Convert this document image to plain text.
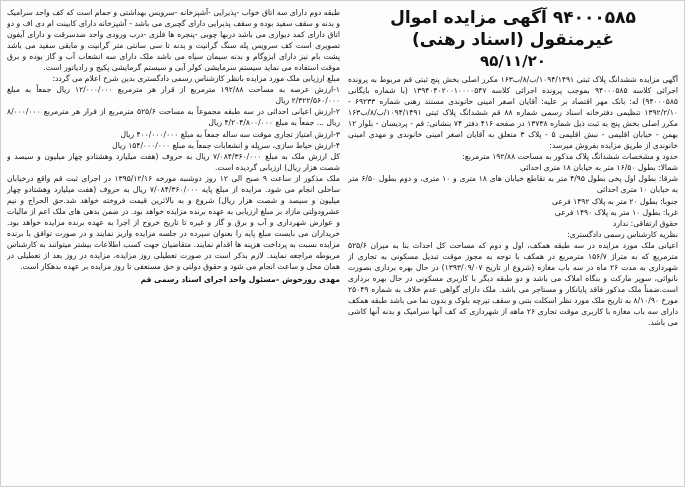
۹۴۰۰۰۵۸۵ آگهی مزایده اموال غیرمنقول (اسناد رهنی)
۹۵/۱۱/۲۰

آگهی مزایده ششدانگ پلاک ثبتی ۱۰۹۴/۱۴۹۱/ب/۸/ب۱۶۳ مکرر اصلی بخش پنج ثبتی قم مربوط به پرونده اجرائی کلاسه ۹۴۰۰۰۵۸۵ بموجب پرونده اجرائی کلاسه ۱۳۹۴۰۴۰۲۰۰۱۰۰۰۰۵۴۷ (با شماره بایگانی ۹۴۰۰۰۵۸۵) له: بانک مهر اقتصاد بر علیه: آقایان اصغر امینی خانوندی مستند رهنی شماره ۶۹۲۳۳ - ۱۳۹۲/۲/۱۰ تنظیمی دفترخانه اسناد رسمی شماره ۸۸ قم ششدانگ پلاک ثبتی ۱۰۹۴/۱۴۹۱/ب/۸/ب۱۶۳ مکرر اصلی بخش پنج به ثبت ذیل شماره ۱۳۷۳۸ در صفحه ۴۱۶ دفتر ۷۴ بنشانی: قم - پردیسان - بلوار ۱۲ بهمن - خیابان اقلیمی - نبش اقلیمی ۵ - پلاک ۳ متعلق به آقایان اصغر امینی خانوندی و مهدی امینی خانوندی از طریق مزایده بفروش میرسد:

حدود و مشخصات ششدانگ پلاک مذکور به مساحت ۱۹۲/۸۸ مترمربع:

شمالا: بطول ۱۶/۵۰ متر به خیابان ۱۸ متری احداثی

شرقا: بطول اول پخی بطول ۴/۹۵ متر به تقاطع خیابان های ۱۸ متری و ۱۰ متری، و دوم بطول ۶/۵۰ متر به خیابان ۱۰ متری احداثی

جنوبا: بطول ۲۰ متر به پلاک ۱۴۹۲ فرعی

غربا: بطول ۱۰ متر به پلاک ۱۴۹۰ فرعی

حقوق ارتفاقی: ندارد

نظریه کارشناس رسمی دادگستری:

اعیانی ملک مورد مزایده در سه طبقه همکف، اول و دوم که مساحت کل احداث بنا به میزان ۵۲۵/۶ مترمربع که به متراژ ۱۵۶/۷ مترمربع در همکف با توجه به مجوز موقت تبدیل مسکونی به تجاری از شهرداری به مدت ۲۶ ماه در سه باب مغازه (شروع از تاریخ ۱۳۹۳/۰۹/۰۷) در حال بهره برداری بصورت نانوائی، سوپر مارکت و بنگاه املاک می باشد و دو طبقه دیگر با کاربری مسکونی در حال بهره برداری است.ضمناً ملک مذکور فاقد پایانکار و مستاجر می باشد. ملک دارای گواهی عدم خلاف به شماره ۲۵۰۴۹ مورخ ۸/۱۰/۹۰ به تاریخ ملک مورد نظر اسکلت بتنی و سقف تیرچه بلوک و بدون نما می باشد طبقه همکف دارای سه باب مغازه با کاربری موقت تجاری ۲۶ ماهه از شهرداری که کف آنها سرامیک و بدنه آنها کاشی می باشد.

طبقه دوم دارای سه اتاق خواب -پذیرایی -آشپزخانه -سرویس بهداشتی و حمام است که کف واحد سرامیک و بدنه و سقف سفید بوده و سقف پذیرایی دارای گچبری می باشد - آشپزخانه دارای کابینت ام دی اف و دو اتاق دارای کمد دیواری می باشد دربها چوبی -پنجره ها فلزی -درب ورودی واحد ضدسرقت و دارای آیفون تصویری است کف سرویس پله سنگ گرانیت و بدنه تا سی سانتی متر گرانیت و مابقی سفید می باشد پشت بام نیز دارای ایزوگام و بدنه سیمان سیاه می باشد ملک دارای سه انشعاب آب و گاز بوده و برق موقت استفاده می نماید سیستم سرمایشی کولر آبی و سیستم گرمایشی پکیج و رادیاتور است.

مبلغ ارزیابی ملک مورد مزایده باتظر کارشناس رسمی دادگستری بدین شرح اعلام می گردد:

۱-ارزش عرصه به مساحت ۱۹۲/۸۸ مترمربع از قرار هر مترمربع ۱۲/۰۰۰/۰۰۰ ریال جمعاً به مبلغ ۲/۳۲۲/۵۶۰/۰۰۰ ریال

۲-ارزش اعیانی احداثی در سه طبقه مجموعاً به مساحت ۵۲۵/۶ مترمربع از قرار هر مترمربع ۸/۰۰۰/۰۰۰ ریال ... جمعاً به مبلغ ۴/۲۰۴/۸۰۰/۰۰۰ ریال

۳-ارزش امتیاز تجاری موقت سه ساله جمعاً به مبلغ ۴۰۰/۰۰۰/۰۰۰ ریال

۴-ارزش حیاط سازی، سرپله و انشعابات جمعاً به مبلغ ۱۵۴/۰۰۰/۰۰۰ ریال

کل ارزش ملک به مبلغ ۷/۰۸۴/۳۶۰/۰۰۰ ریال به حروف (هفت میلیارد وهشتادو چهار میلیون و سیصد و شصت هزار ریال) ارزیابی گردیده است.

ملک مذکور از ساعت ۹ صبح الی ۱۲ روز دوشنبه مورخه ۱۳۹۵/۱۲/۱۶ در اجرای ثبت قم واقع درخیابان ساحلی انجام می شود. مزایده از مبلغ پایه ۷/۰۸۴/۳۶۰/۰۰۰ ریال به حروف (هفت میلیارد وهشتادو چهار میلیون و سیصد و شصت هزار ریال) شروع و به بالاترین قیمت فروخته خواهد شد.حق الحراج و نیم عشرودولتی مازاد بر مبلغ ارزیابی به عهده برنده مزایده خواهد بود. در ضمن بدهی های ملک اعم از مالیات و عوارض شهرداری و آب و برق و گاز و غیره تا تاریخ خروج از اجرا به عهده برنده مزایده خواهد بود. خریداران می بایست مبلغ پایه را بعنوان سپرده در جلسه مزایده واریز نمایند و در صورت توافق با برنده مزایده نسبت به پرداخت هزینه ها اقدام نمایند. متقاضیان جهت کسب اطلاعات بیشتر میتوانند به کارشناس مربوطه مراجعه نمایند. لازم بذکر است در صورت تعطیلی روز مزایده، مزایده در روز بعد از تعطیلی در همان محل و ساعت انجام می شود و حقوق دولتی و حق مستعفی تا روز مزایده بر عهده بدهکار است.

مهدی روزخوش –مسئول واحد اجرای اسناد رسمی قم
